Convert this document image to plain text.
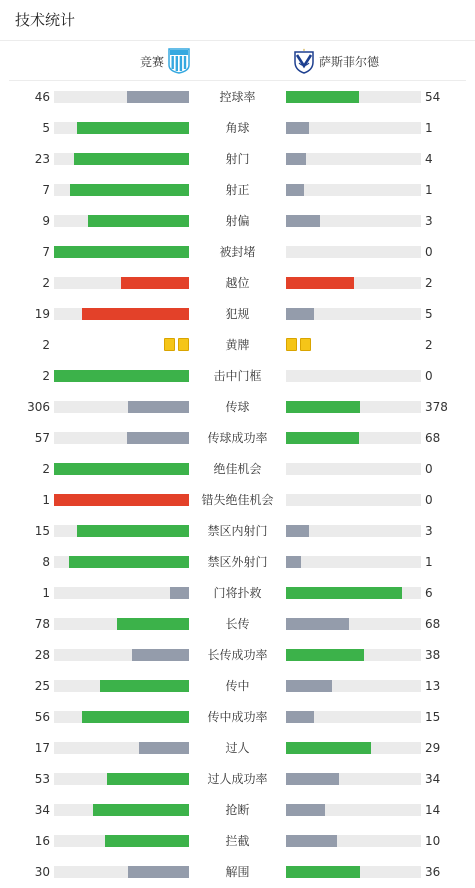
技术统计
竞赛	萨斯菲尔德
46	控球率	54
5	角球	1
23	射门	4
7	射正	1
9	射偏	3
7	被封堵	0
2	越位	2
19	犯规	5
2	黄牌	2
2	击中门框	0
306	传球	378
57	传球成功率	68
2	绝佳机会	0
1	错失绝佳机会	0
15	禁区内射门	3
8	禁区外射门	1
1	门将扑救	6
78	长传	68
28	长传成功率	38
25	传中	13
56	传中成功率	15
17	过人	29
53	过人成功率	34
34	抢断	14
16	拦截	10
30	解围	36
